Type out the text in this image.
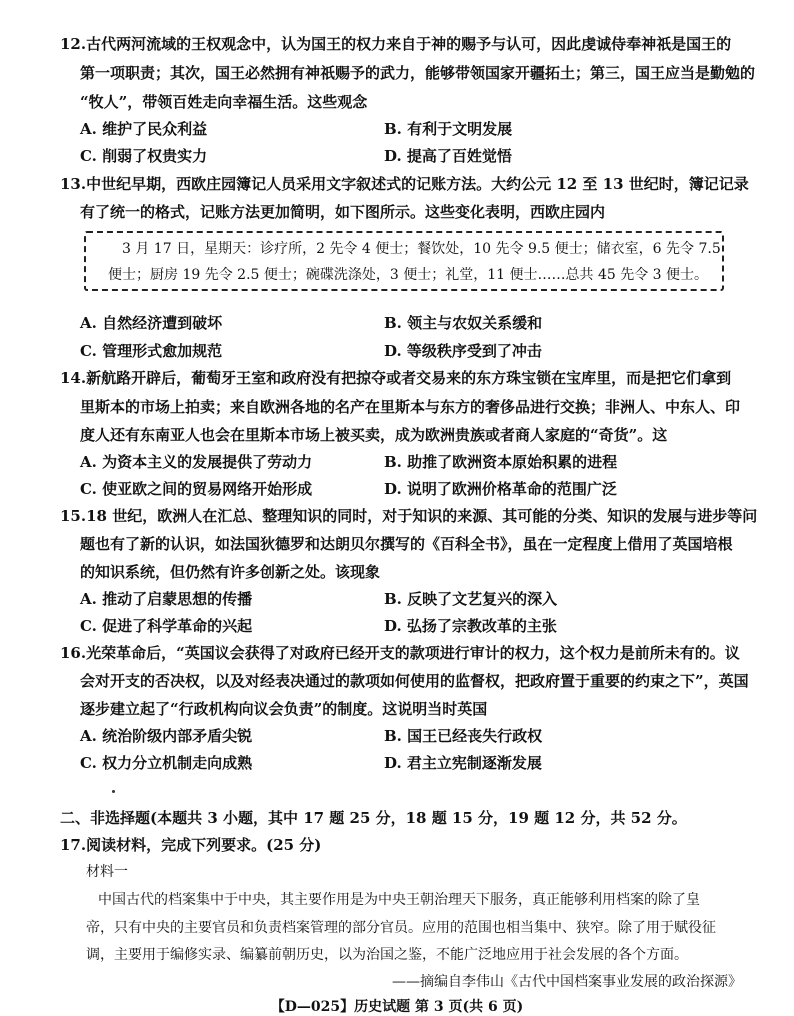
12.古代两河流域的王权观念中，认为国王的权力来自于神的赐予与认可，因此虔诚侍奉神祇是国王的
第一项职责；其次，国王必然拥有神祇赐予的武力，能够带领国家开疆拓土；第三，国王应当是勤勉的
“牧人”，带领百姓走向幸福生活。这些观念
A. 维护了民众利益	B. 有利于文明发展
C. 削弱了权贵实力	D. 提高了百姓觉悟
13.中世纪早期，西欧庄园簿记人员采用文字叙述式的记账方法。大约公元 12 至 13 世纪时，簿记记录
有了统一的格式，记账方法更加简明，如下图所示。这些变化表明，西欧庄园内
3 月 17 日，星期天：诊疗所，2 先令 4 便士；餐饮处，10 先令 9.5 便士；储衣室，6 先令 7.5
便士；厨房 19 先令 2.5 便士；碗碟洗涤处，3 便士；礼堂，11 便士……总共 45 先令 3 便士。
A. 自然经济遭到破坏	B. 领主与农奴关系缓和
C. 管理形式愈加规范	D. 等级秩序受到了冲击
14.新航路开辟后，葡萄牙王室和政府没有把掠夺或者交易来的东方珠宝锁在宝库里，而是把它们拿到
里斯本的市场上拍卖；来自欧洲各地的名产在里斯本与东方的奢侈品进行交换；非洲人、中东人、印
度人还有东南亚人也会在里斯本市场上被买卖，成为欧洲贵族或者商人家庭的“奇货”。这
A. 为资本主义的发展提供了劳动力	B. 助推了欧洲资本原始积累的进程
C. 使亚欧之间的贸易网络开始形成	D. 说明了欧洲价格革命的范围广泛
15.18 世纪，欧洲人在汇总、整理知识的同时，对于知识的来源、其可能的分类、知识的发展与进步等问
题也有了新的认识，如法国狄德罗和达朗贝尔撰写的《百科全书》，虽在一定程度上借用了英国培根
的知识系统，但仍然有许多创新之处。该现象
A. 推动了启蒙思想的传播	B. 反映了文艺复兴的深入
C. 促进了科学革命的兴起	D. 弘扬了宗教改革的主张
16.光荣革命后，“英国议会获得了对政府已经开支的款项进行审计的权力，这个权力是前所未有的。议
会对开支的否决权，以及对经表决通过的款项如何使用的监督权，把政府置于重要的约束之下”，英国
逐步建立起了“行政机构向议会负责”的制度。这说明当时英国
A. 统治阶级内部矛盾尖锐	B. 国王已经丧失行政权
C. 权力分立机制走向成熟	D. 君主立宪制逐渐发展
二、非选择题(本题共 3 小题，其中 17 题 25 分，18 题 15 分，19 题 12 分，共 52 分。
17.阅读材料，完成下列要求。(25 分)
材料一
中国古代的档案集中于中央，其主要作用是为中央王朝治理天下服务，真正能够利用档案的除了皇
帝，只有中央的主要官员和负责档案管理的部分官员。应用的范围也相当集中、狭窄。除了用于赋役征
调，主要用于编修实录、编纂前朝历史，以为治国之鉴，不能广泛地应用于社会发展的各个方面。
——摘编自李伟山《古代中国档案事业发展的政治探源》
【D—025】历史试题 第 3 页(共 6 页)
